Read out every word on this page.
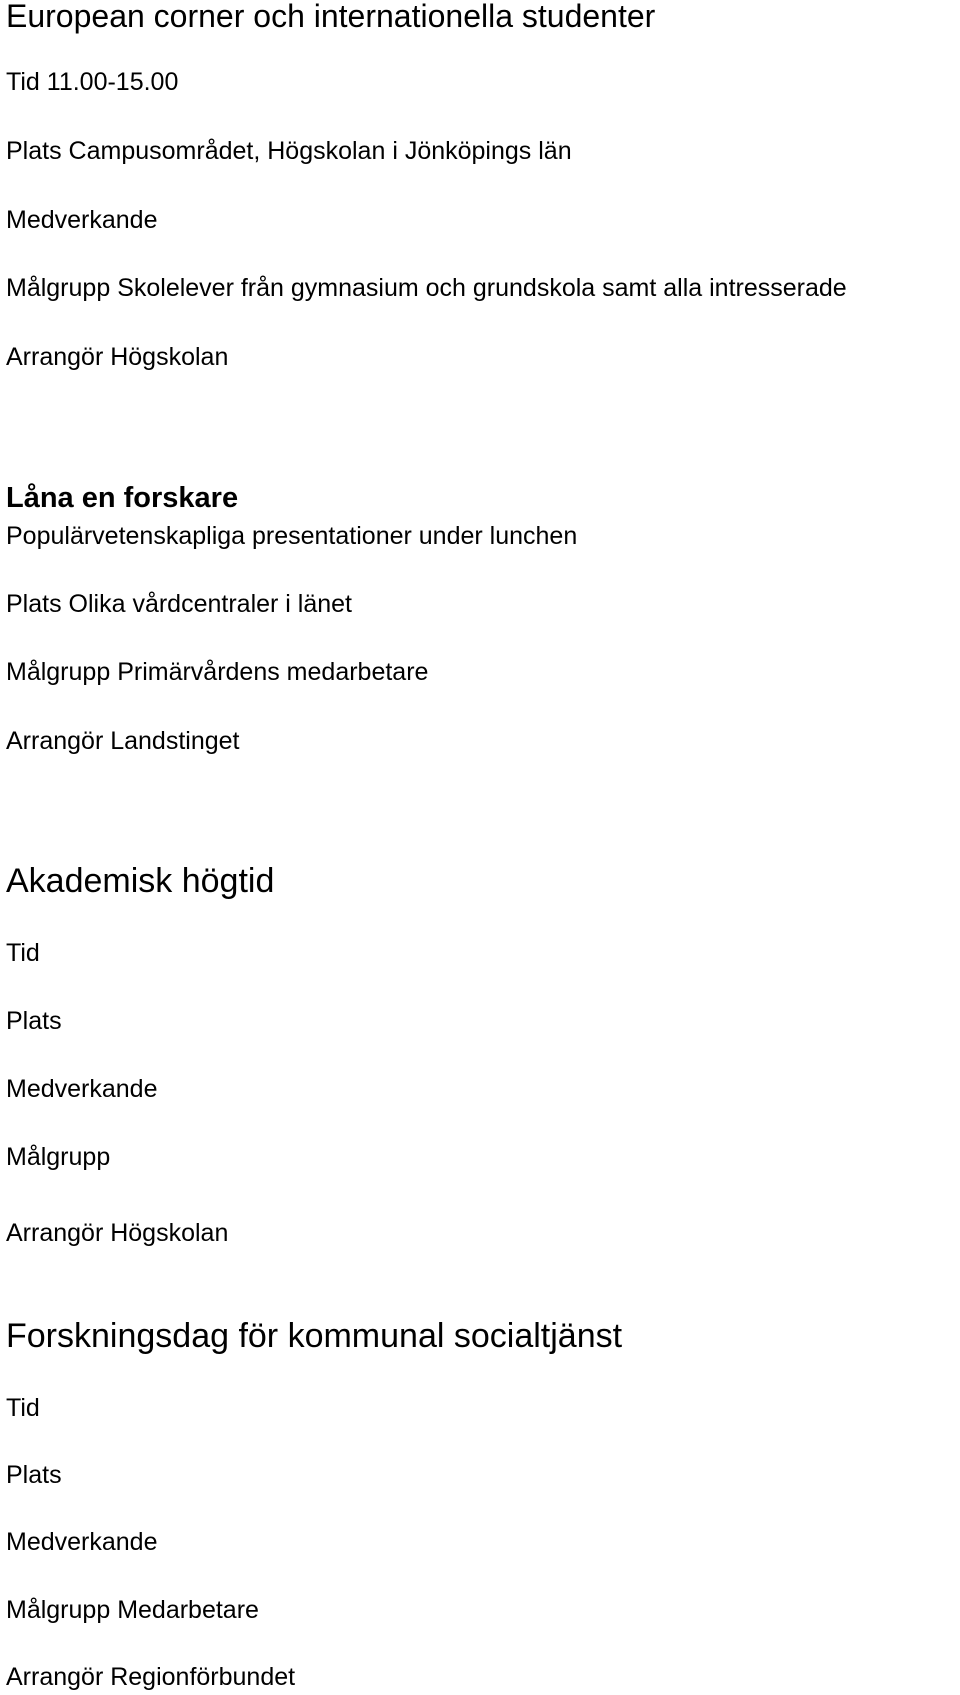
European corner och internationella studenter
Tid 11.00-15.00
Plats Campusområdet, Högskolan i Jönköpings län
Medverkande
Målgrupp Skolelever från gymnasium och grundskola samt alla intresserade
Arrangör Högskolan
Låna en forskare
Populärvetenskapliga presentationer under lunchen
Plats Olika vårdcentraler i länet
Målgrupp Primärvårdens medarbetare
Arrangör Landstinget
Akademisk högtid
Tid
Plats
Medverkande
Målgrupp
Arrangör Högskolan
Forskningsdag för kommunal socialtjänst
Tid
Plats
Medverkande
Målgrupp Medarbetare
Arrangör Regionförbundet
